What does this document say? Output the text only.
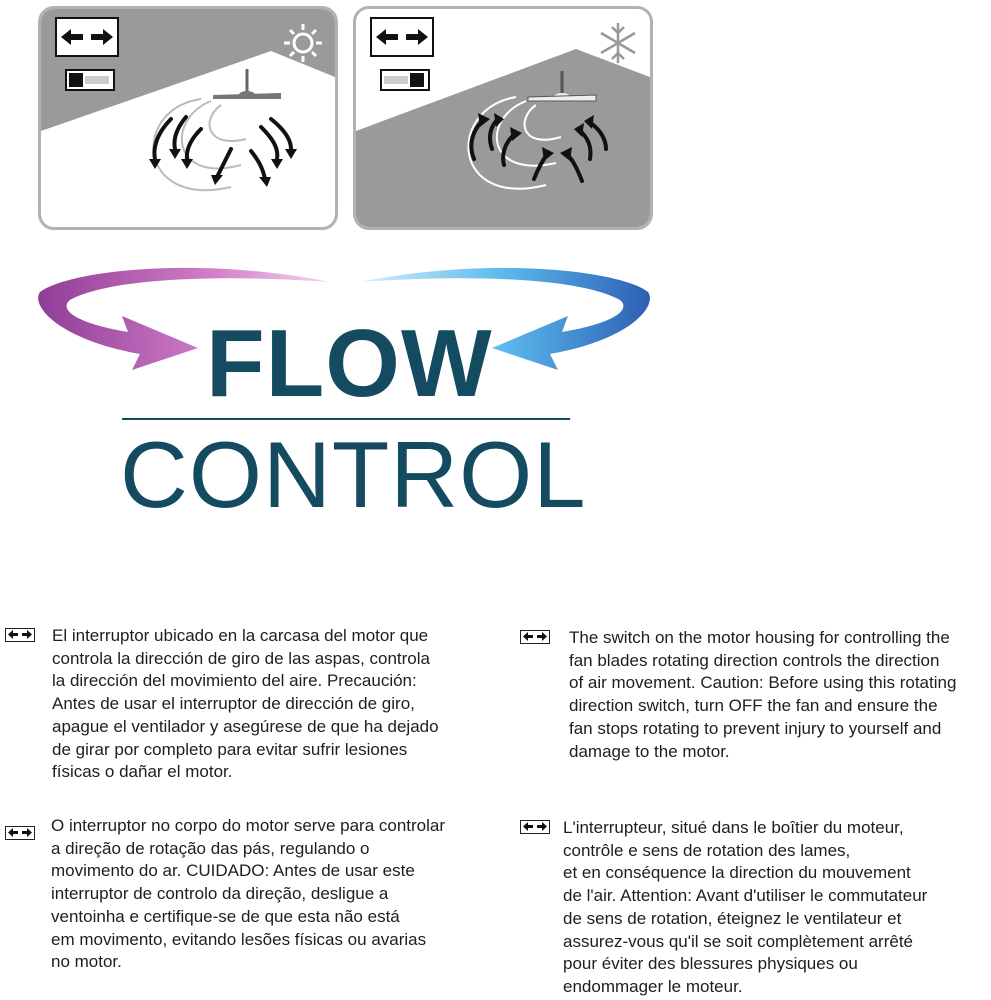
FLOW
CONTROL
El interruptor ubicado en la carcasa del motor que
controla la dirección de giro de las aspas, controla
la dirección del movimiento del aire. Precaución:
Antes de usar el interruptor de dirección de giro,
apague el ventilador y asegúrese de que ha dejado
de girar por completo para evitar sufrir lesiones
físicas o dañar el motor.
The switch on the motor housing for controlling the
fan blades rotating direction controls the direction
of air movement. Caution: Before using this rotating
direction switch, turn OFF the fan and ensure the
fan stops rotating to prevent injury to yourself and
damage to the motor.
O interruptor no corpo do motor serve para controlar
a direção de rotação das pás, regulando o
movimento do ar. CUIDADO: Antes de usar este
interruptor de controlo da direção, desligue a
ventoinha e certifique-se de que esta não está
em movimento, evitando lesões físicas ou avarias
no motor.
L'interrupteur, situé dans le boîtier du moteur,
contrôle e sens de rotation des lames,
et en conséquence la direction du mouvement
de l'air. Attention: Avant d'utiliser le commutateur
de sens de rotation, éteignez le ventilateur et
assurez-vous qu'il se soit complètement arrêté
pour éviter des blessures physiques ou
endommager le moteur.
